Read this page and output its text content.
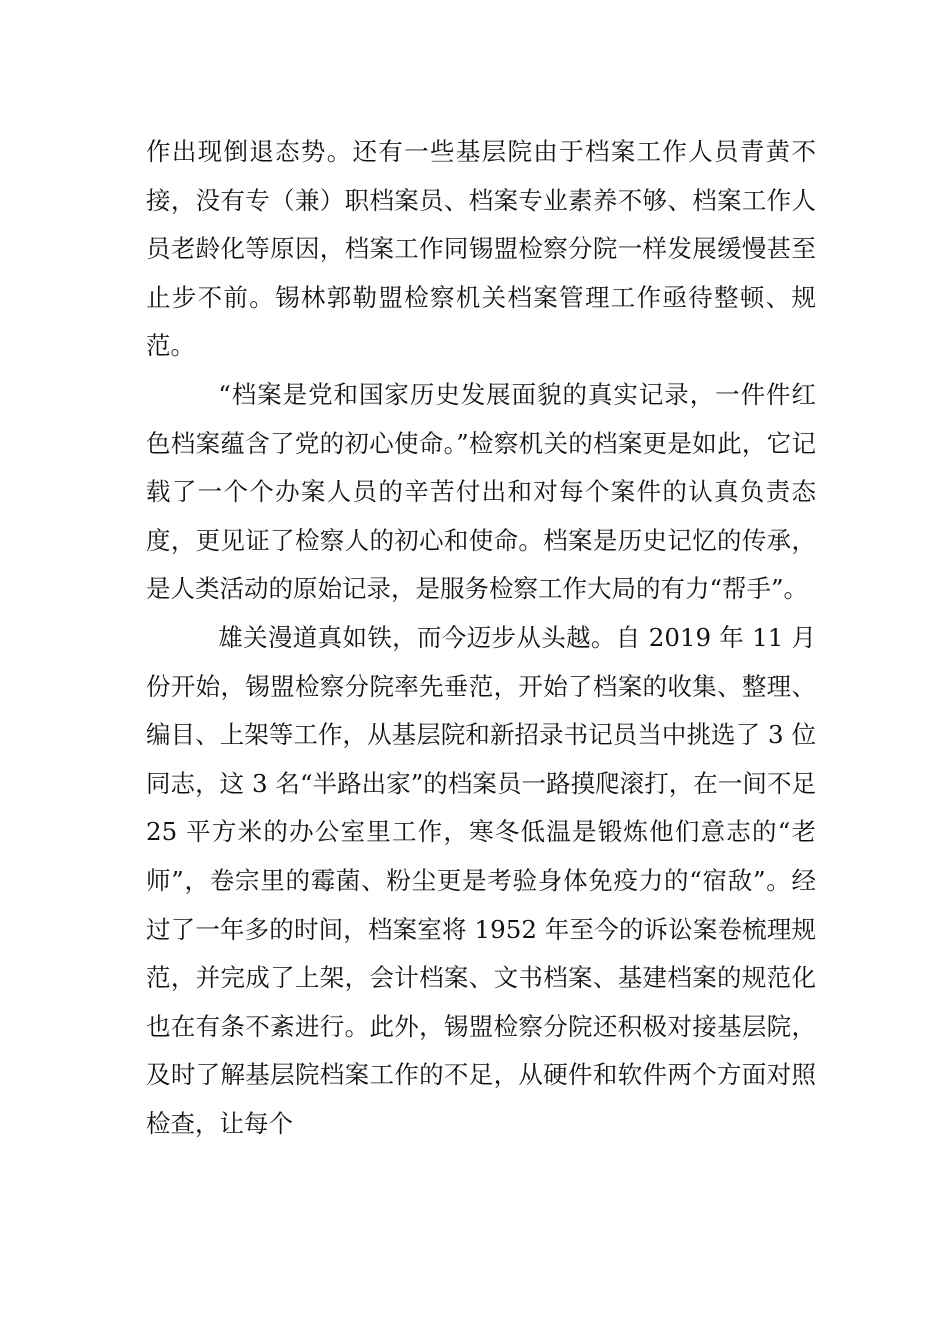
作出现倒退态势。还有一些基层院由于档案工作人员青黄不接，没有专（兼）职档案员、档案专业素养不够、档案工作人员老龄化等原因，档案工作同锡盟检察分院一样发展缓慢甚至止步不前。锡林郭勒盟检察机关档案管理工作亟待整顿、规范。

“档案是党和国家历史发展面貌的真实记录，一件件红色档案蕴含了党的初心使命。”检察机关的档案更是如此，它记载了一个个办案人员的辛苦付出和对每个案件的认真负责态度，更见证了检察人的初心和使命。档案是历史记忆的传承，是人类活动的原始记录，是服务检察工作大局的有力“帮手”。

雄关漫道真如铁，而今迈步从头越。自 2019 年 11 月份开始，锡盟检察分院率先垂范，开始了档案的收集、整理、编目、上架等工作，从基层院和新招录书记员当中挑选了 3 位同志，这 3 名“半路出家”的档案员一路摸爬滚打，在一间不足 25 平方米的办公室里工作，寒冬低温是锻炼他们意志的“老师”，卷宗里的霉菌、粉尘更是考验身体免疫力的“宿敌”。经过了一年多的时间，档案室将 1952 年至今的诉讼案卷梳理规范，并完成了上架，会计档案、文书档案、基建档案的规范化也在有条不紊进行。此外，锡盟检察分院还积极对接基层院，及时了解基层院档案工作的不足，从硬件和软件两个方面对照检查，让每个
